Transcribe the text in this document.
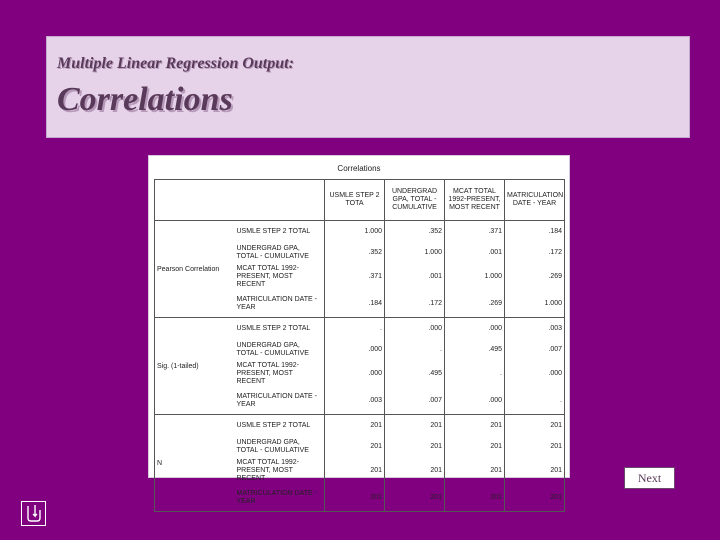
Multiple Linear Regression Output:
Correlations
Correlations
		USMLE STEP 2 TOTA	UNDERGRAD GPA, TOTAL - CUMULATIVE	MCAT TOTAL 1992-PRESENT, MOST RECENT	MATRICULATION DATE - YEAR
Pearson Correlation	USMLE STEP 2 TOTAL	1.000	.352	.371	.184
	UNDERGRAD GPA, TOTAL - CUMULATIVE	.352	1.000	.001	.172
	MCAT TOTAL 1992-PRESENT, MOST RECENT	.371	.001	1.000	.269
	MATRICULATION DATE - YEAR	.184	.172	.269	1.000
Sig. (1-tailed)	USMLE STEP 2 TOTAL	.	.000	.000	.003
	UNDERGRAD GPA, TOTAL - CUMULATIVE	.000	.	.495	.007
	MCAT TOTAL 1992-PRESENT, MOST RECENT	.000	.495	.	.000
	MATRICULATION DATE - YEAR	.003	.007	.000	.
N	USMLE STEP 2 TOTAL	201	201	201	201
	UNDERGRAD GPA, TOTAL - CUMULATIVE	201	201	201	201
	MCAT TOTAL 1992-PRESENT, MOST RECENT	201	201	201	201
	MATRICULATION DATE - YEAR	201	201	201	201
Next
